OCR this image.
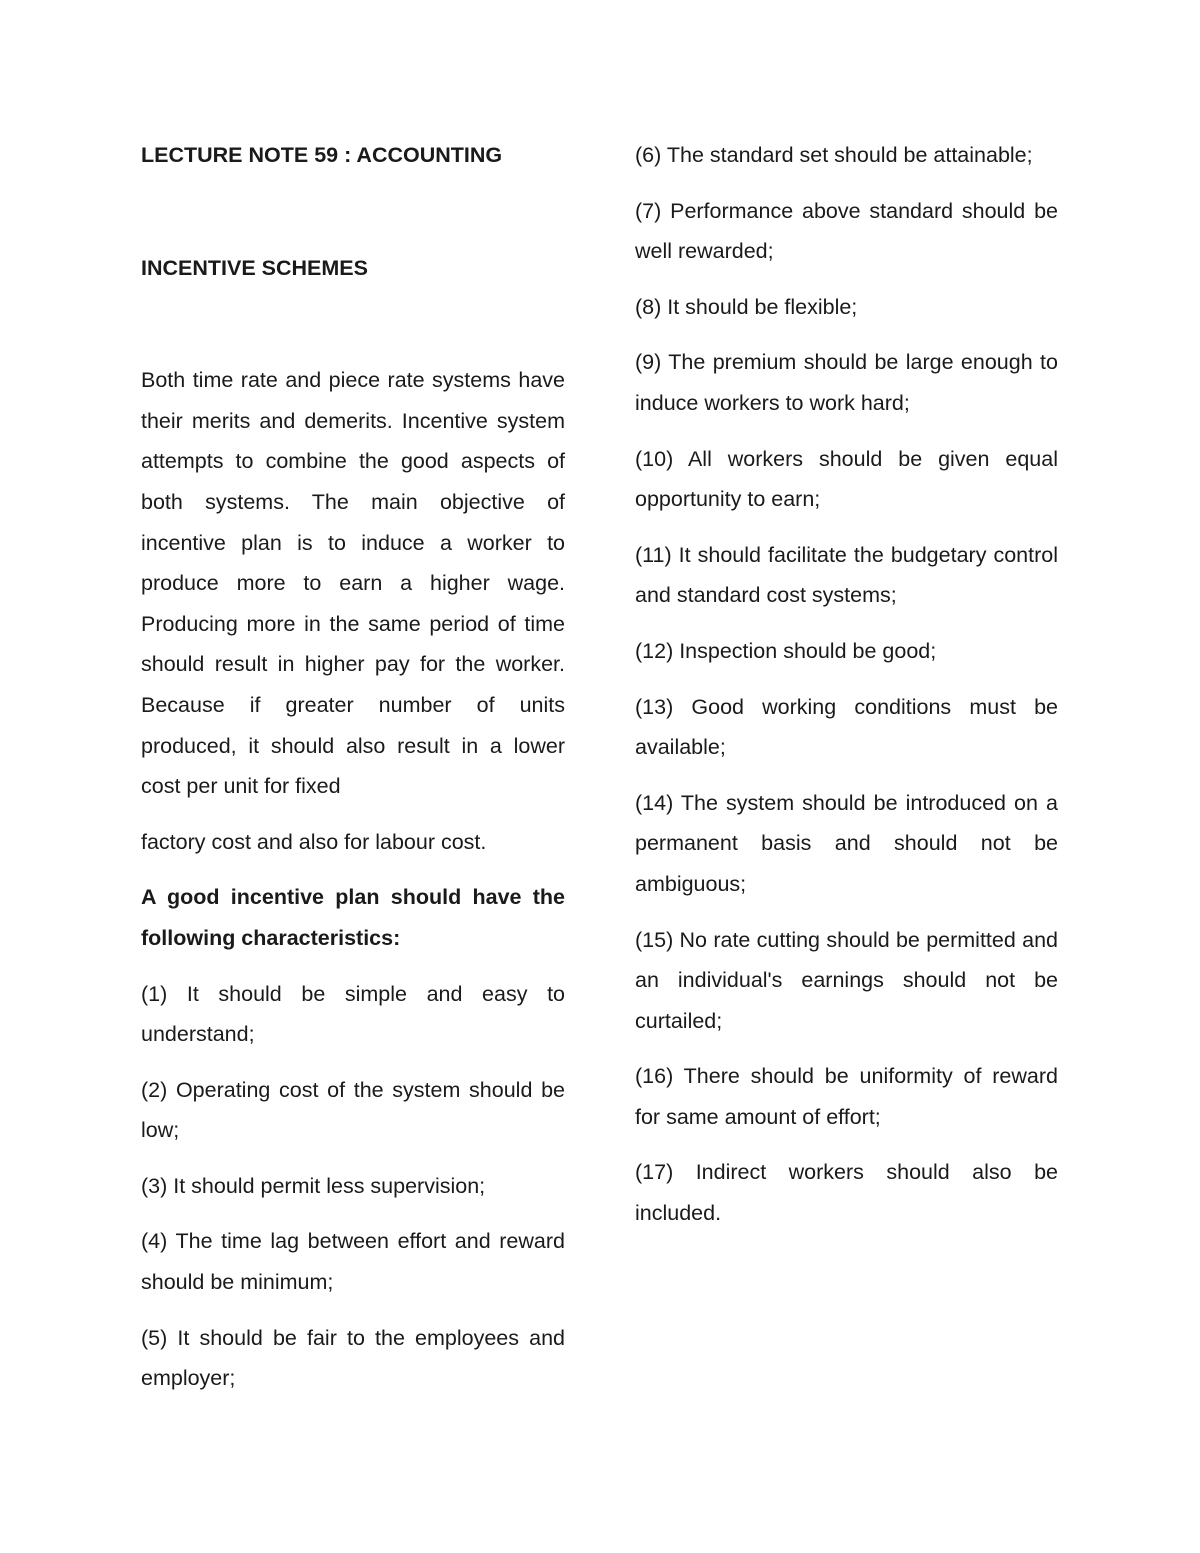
LECTURE NOTE 59 : ACCOUNTING
INCENTIVE SCHEMES

Both time rate and piece rate systems have their merits and demerits. Incentive system attempts to combine the good aspects of both systems. The main objective of incentive plan is to induce a worker to produce more to earn a higher wage. Producing more in the same period of time should result in higher pay for the worker. Because if greater number of units produced, it should also result in a lower cost per unit for fixed

factory cost and also for labour cost.

A good incentive plan should have the following characteristics:

(1) It should be simple and easy to understand;

(2) Operating cost of the system should be low;

(3) It should permit less supervision;

(4) The time lag between effort and reward should be minimum;

(5) It should be fair to the employees and employer;

(6) The standard set should be attainable;

(7) Performance above standard should be well rewarded;

(8) It should be flexible;

(9) The premium should be large enough to induce workers to work hard;

(10) All workers should be given equal opportunity to earn;

(11) It should facilitate the budgetary control and standard cost systems;

(12) Inspection should be good;

(13) Good working conditions must be available;

(14) The system should be introduced on a permanent basis and should not be ambiguous;

(15) No rate cutting should be permitted and an individual's earnings should not be curtailed;

(16) There should be uniformity of reward for same amount of effort;

(17) Indirect workers should also be included.
